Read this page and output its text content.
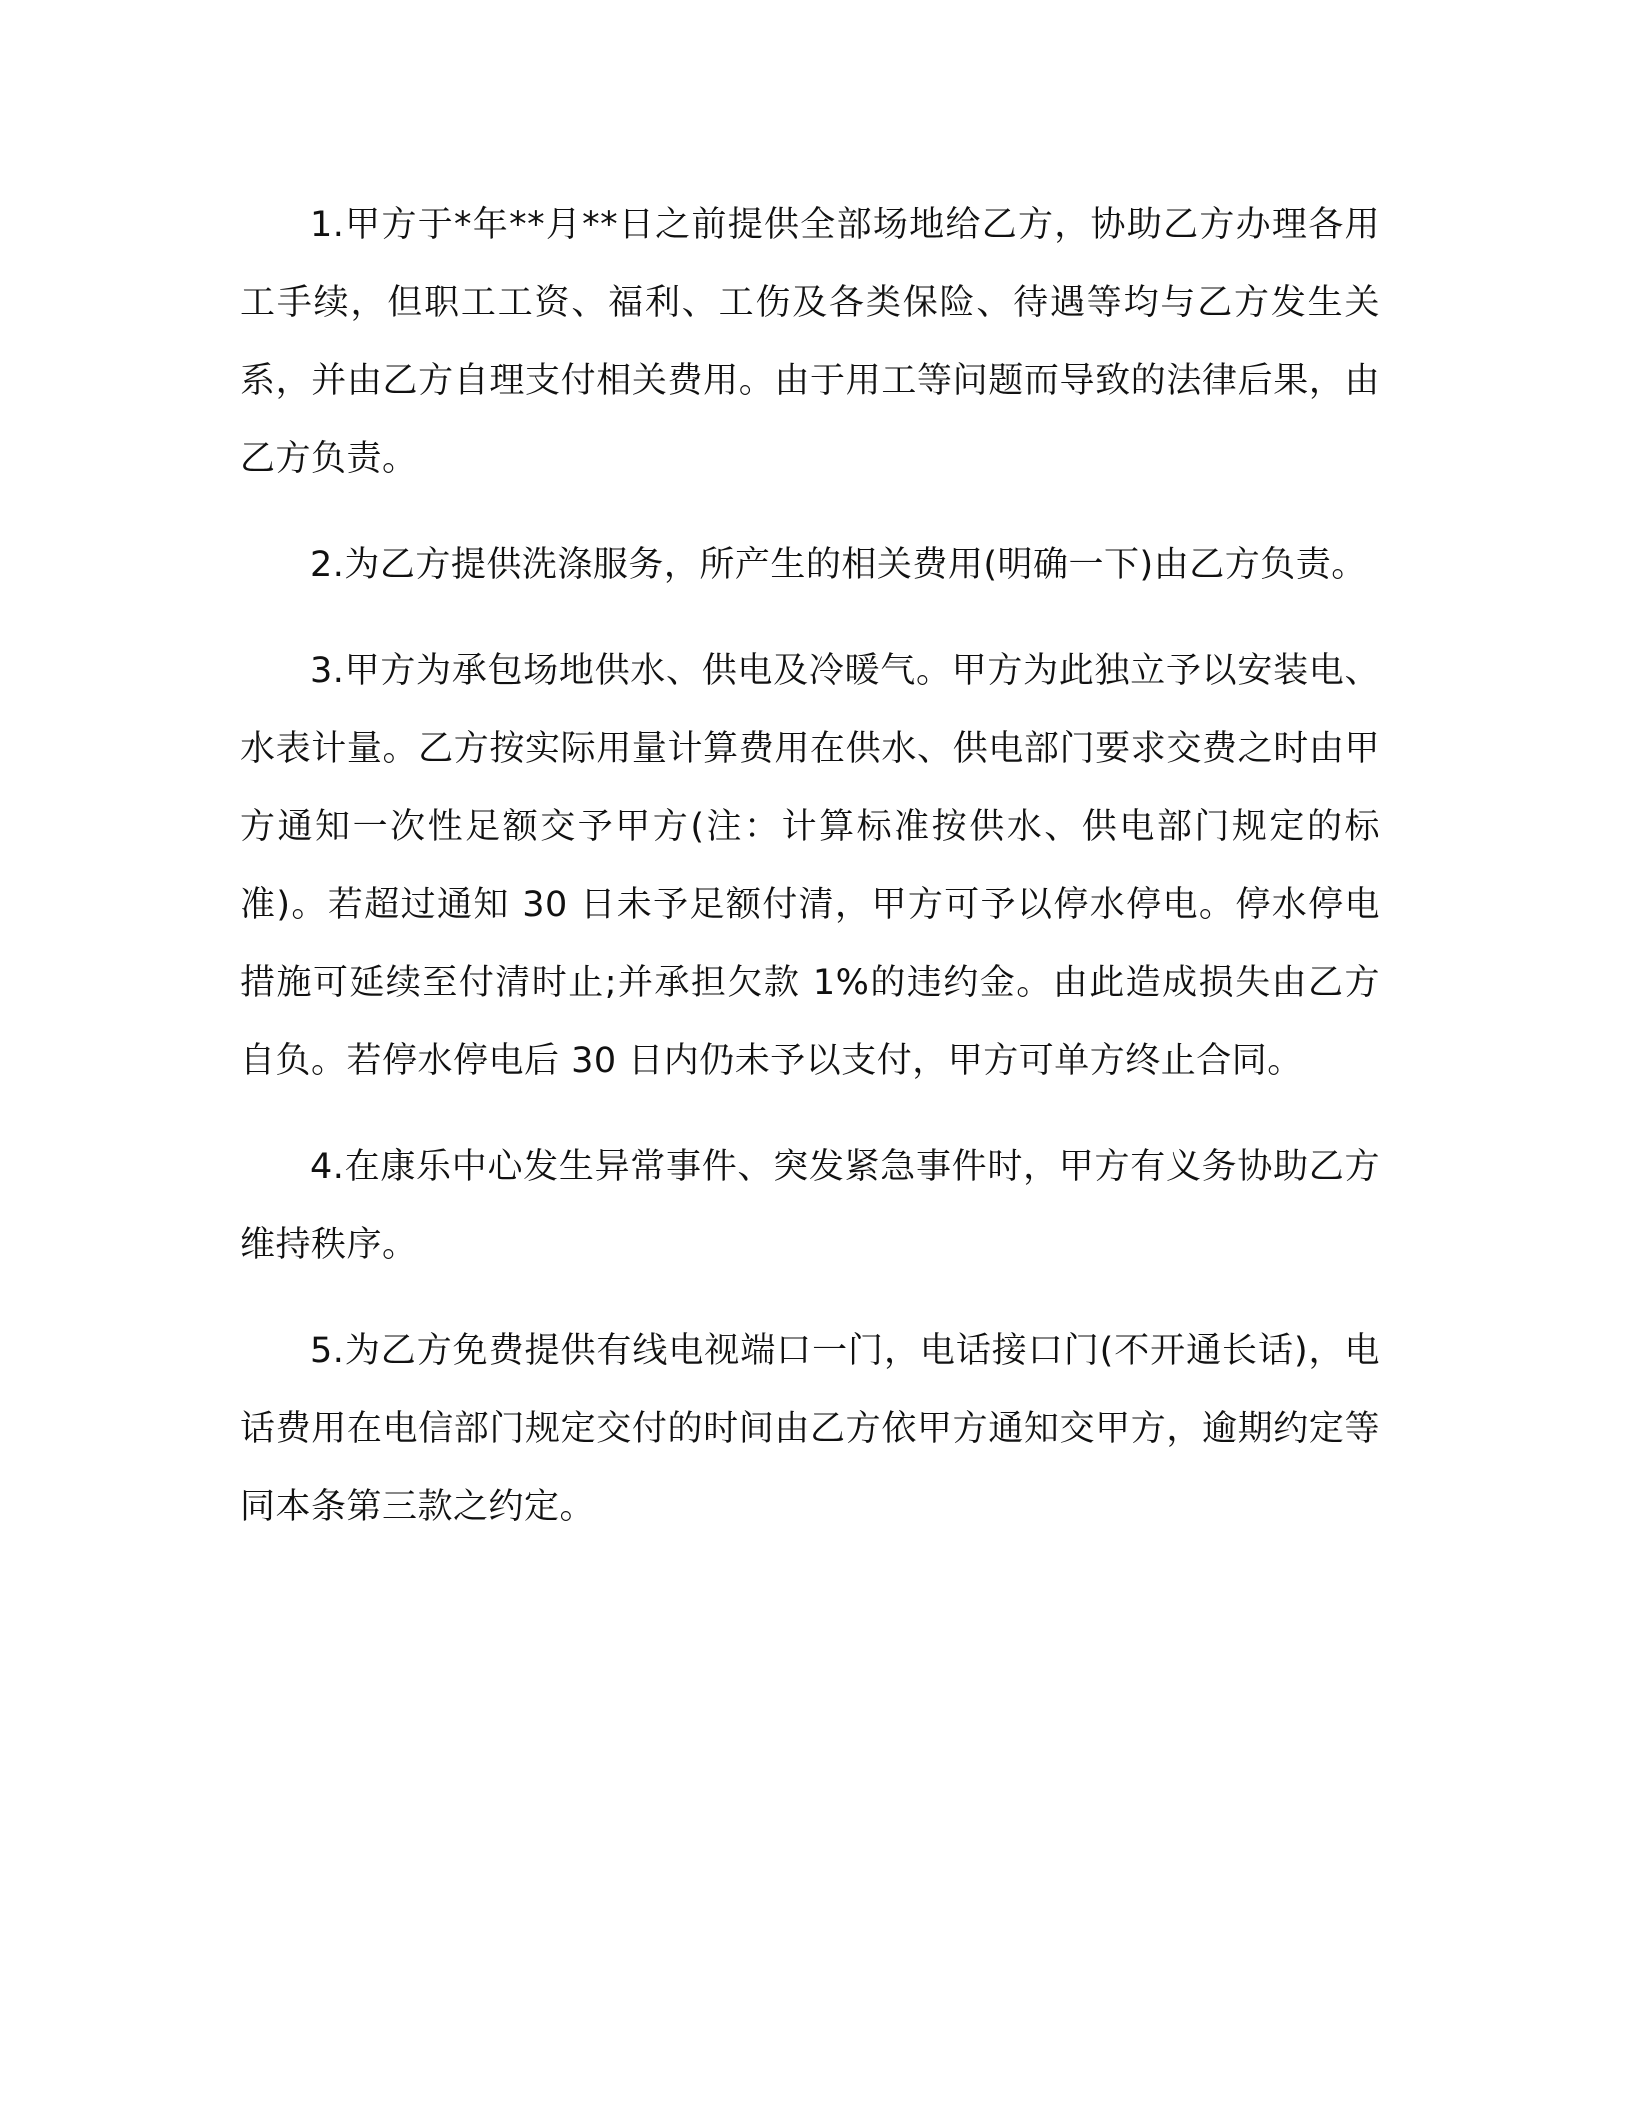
1.甲方于*年**月**日之前提供全部场地给乙方，协助乙方办理各用工手续，但职工工资、福利、工伤及各类保险、待遇等均与乙方发生关系，并由乙方自理支付相关费用。由于用工等问题而导致的法律后果，由乙方负责。

2.为乙方提供洗涤服务，所产生的相关费用(明确一下)由乙方负责。

3.甲方为承包场地供水、供电及冷暖气。甲方为此独立予以安装电、水表计量。乙方按实际用量计算费用在供水、供电部门要求交费之时由甲方通知一次性足额交予甲方(注：计算标准按供水、供电部门规定的标准)。若超过通知 30 日未予足额付清，甲方可予以停水停电。停水停电措施可延续至付清时止;并承担欠款 1%的违约金。由此造成损失由乙方自负。若停水停电后 30 日内仍未予以支付，甲方可单方终止合同。

4.在康乐中心发生异常事件、突发紧急事件时，甲方有义务协助乙方维持秩序。

5.为乙方免费提供有线电视端口一门，电话接口门(不开通长话)，电话费用在电信部门规定交付的时间由乙方依甲方通知交甲方，逾期约定等同本条第三款之约定。
